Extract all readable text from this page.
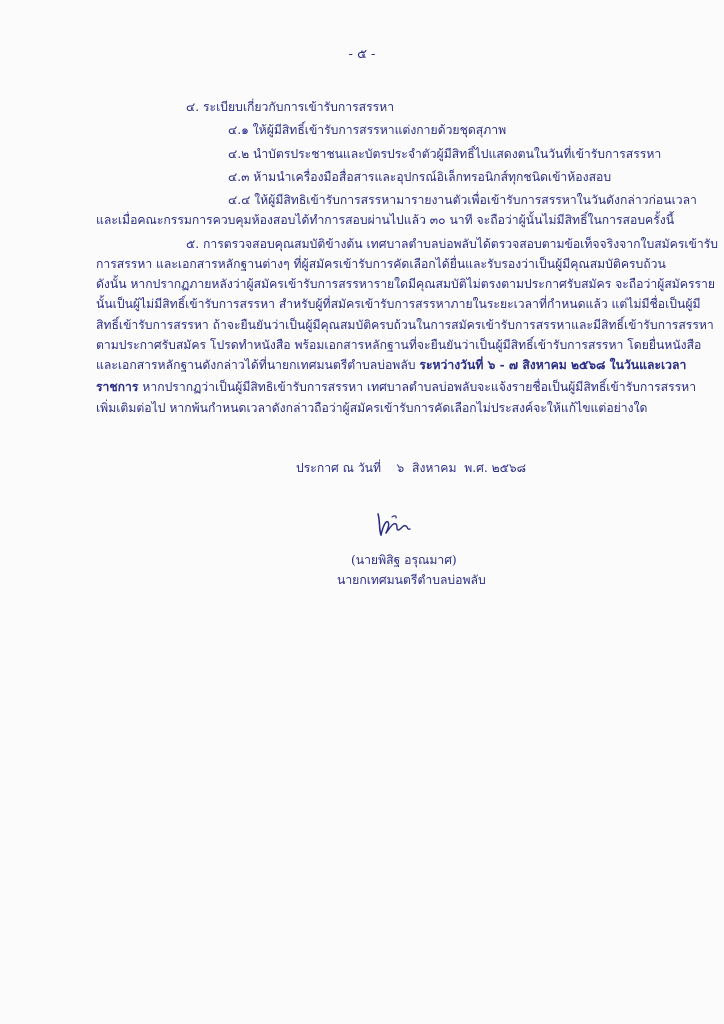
- ๕ -
๔. ระเบียบเกี่ยวกับการเข้ารับการสรรหา
๔.๑ ให้ผู้มีสิทธิ์เข้ารับการสรรหาแต่งกายด้วยชุดสุภาพ
๔.๒ นำบัตรประชาชนและบัตรประจำตัวผู้มีสิทธิ์ไปแสดงตนในวันที่เข้ารับการสรรหา
๔.๓ ห้ามนำเครื่องมือสื่อสารและอุปกรณ์อิเล็กทรอนิกส์ทุกชนิดเข้าห้องสอบ
๔.๔ ให้ผู้มีสิทธิเข้ารับการสรรหามารายงานตัวเพื่อเข้ารับการสรรหาในวันดังกล่าวก่อนเวลา
และเมื่อคณะกรรมการควบคุมห้องสอบได้ทำการสอบผ่านไปแล้ว ๓๐ นาที จะถือว่าผู้นั้นไม่มีสิทธิ์ในการสอบครั้งนี้
๕. การตรวจสอบคุณสมบัติข้างต้น เทศบาลตำบลบ่อพลับได้ตรวจสอบตามข้อเท็จจริงจากใบสมัครเข้ารับ
การสรรหา และเอกสารหลักฐานต่างๆ ที่ผู้สมัครเข้ารับการคัดเลือกได้ยื่นและรับรองว่าเป็นผู้มีคุณสมบัติครบถ้วน
ดังนั้น หากปรากฏภายหลังว่าผู้สมัครเข้ารับการสรรหารายใดมีคุณสมบัติไม่ตรงตามประกาศรับสมัคร จะถือว่าผู้สมัครราย
นั้นเป็นผู้ไม่มีสิทธิ์เข้ารับการสรรหา สำหรับผู้ที่สมัครเข้ารับการสรรหาภายในระยะเวลาที่กำหนดแล้ว แต่ไม่มีชื่อเป็นผู้มี
สิทธิ์เข้ารับการสรรหา ถ้าจะยืนยันว่าเป็นผู้มีคุณสมบัติครบถ้วนในการสมัครเข้ารับการสรรหาและมีสิทธิ์เข้ารับการสรรหา
ตามประกาศรับสมัคร โปรดทำหนังสือ พร้อมเอกสารหลักฐานที่จะยืนยันว่าเป็นผู้มีสิทธิ์เข้ารับการสรรหา โดยยื่นหนังสือ
และเอกสารหลักฐานดังกล่าวได้ที่นายกเทศมนตรีตำบลบ่อพลับ ระหว่างวันที่ ๖ - ๗ สิงหาคม ๒๕๖๘ ในวันและเวลา
ราชการ หากปรากฏว่าเป็นผู้มีสิทธิเข้ารับการสรรหา เทศบาลตำบลบ่อพลับจะแจ้งรายชื่อเป็นผู้มีสิทธิ์เข้ารับการสรรหา
เพิ่มเติมต่อไป หากพ้นกำหนดเวลาดังกล่าวถือว่าผู้สมัครเข้ารับการคัดเลือกไม่ประสงค์จะให้แก้ไขแต่อย่างใด
ประกาศ ณ วันที่    ๖  สิงหาคม  พ.ศ. ๒๕๖๘
(นายพิสิฐ อรุณมาศ)
นายกเทศมนตรีตำบลบ่อพลับ
